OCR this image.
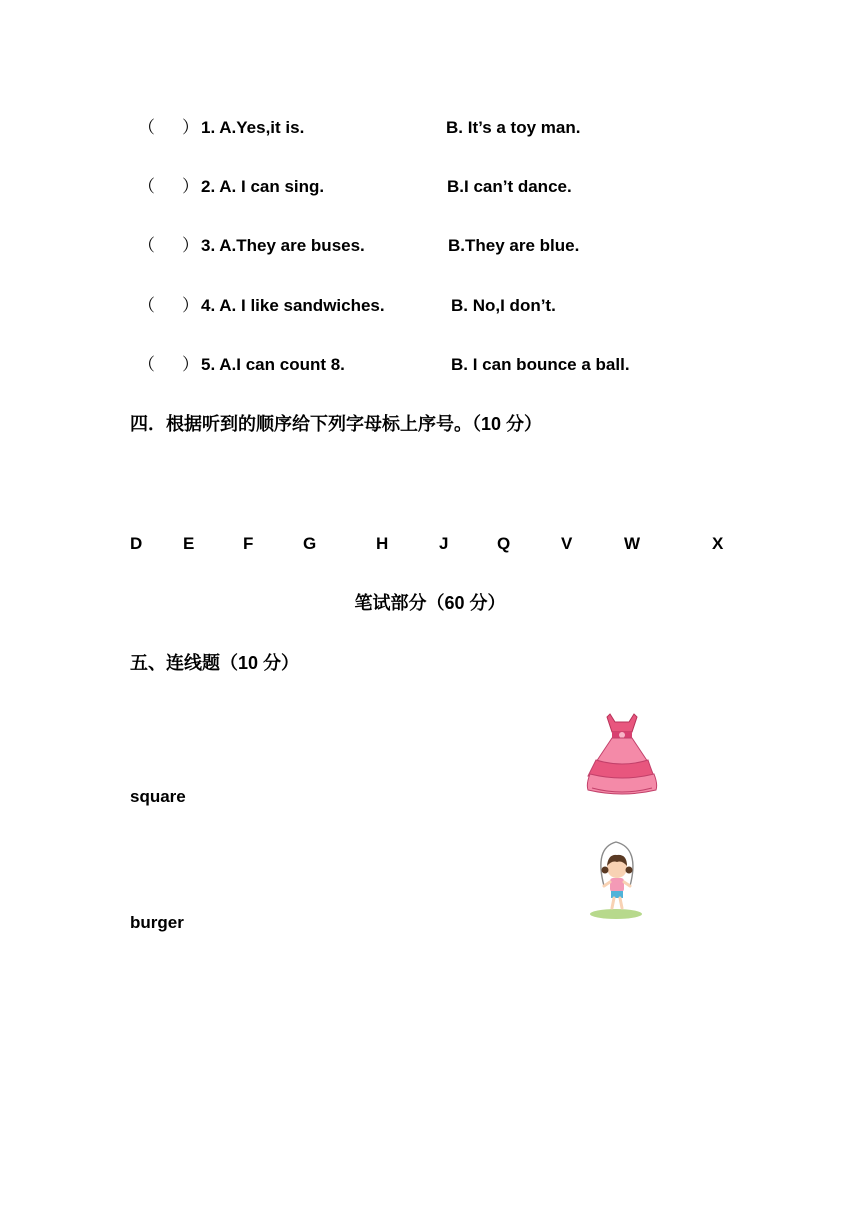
（ ） 1. A.Yes,it is.	B. It’s a toy man.
（ ） 2. A. I can sing.	B.I can’t dance.
（ ） 3. A.They are buses.	B.They are blue.
（ ） 4. A. I like sandwiches.	B. No,I don’t.
（ ） 5. A.I can count 8.	B. I can bounce a ball.
四．根据听到的顺序给下列字母标上序号。（10 分）
D E	F	G	H	J	Q	V	W	X
笔试部分（60 分）
五、连线题（10 分）
square
burger
